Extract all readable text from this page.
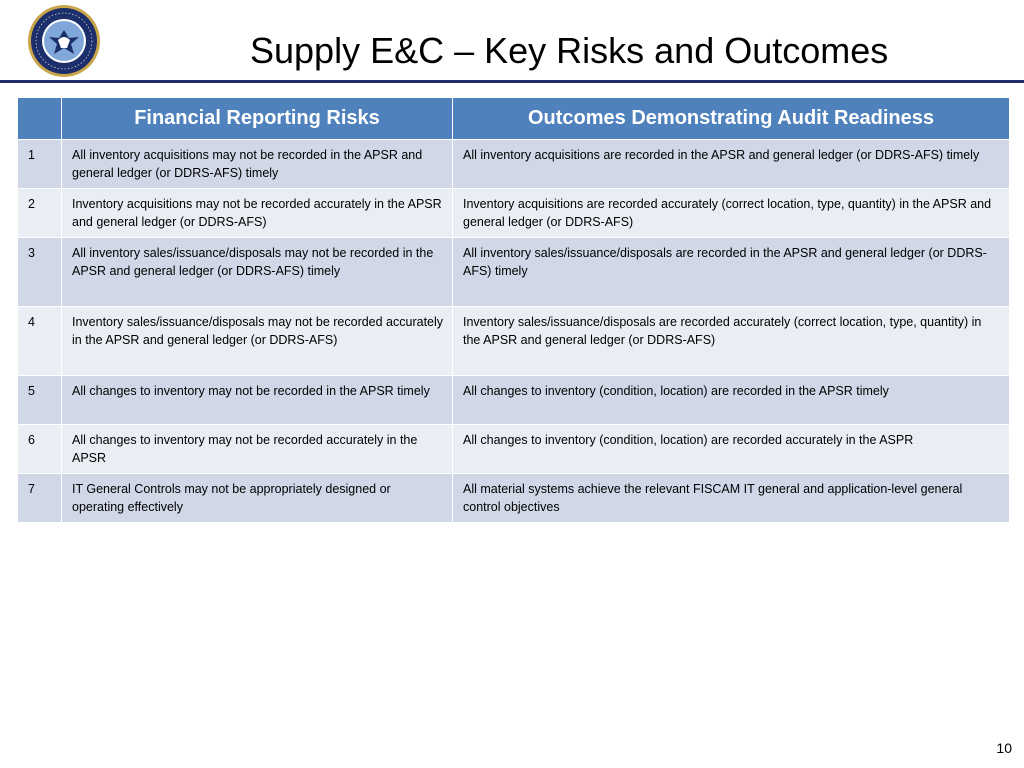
Supply E&C – Key Risks and Outcomes
	Financial Reporting Risks	Outcomes Demonstrating Audit Readiness
1	All inventory acquisitions may not be recorded in the APSR and general ledger (or DDRS-AFS) timely	All inventory acquisitions are recorded in the APSR and general ledger (or DDRS-AFS) timely
2	Inventory acquisitions may not be recorded accurately in the APSR and general ledger (or DDRS-AFS)	Inventory acquisitions are recorded accurately (correct location, type, quantity) in the APSR and general ledger (or DDRS-AFS)
3	All inventory sales/issuance/disposals may not be recorded in the APSR and general ledger (or DDRS-AFS) timely	All inventory sales/issuance/disposals are recorded in the APSR and general ledger (or DDRS-AFS) timely
4	Inventory sales/issuance/disposals may not be recorded accurately in the APSR and general ledger (or DDRS-AFS)	Inventory sales/issuance/disposals are recorded accurately (correct location, type, quantity) in the APSR and general ledger (or DDRS-AFS)
5	All changes to inventory may not be recorded in the APSR timely	All changes to inventory (condition, location) are recorded in the APSR timely
6	All changes to inventory may not be recorded accurately in the APSR	All changes to inventory (condition, location) are recorded accurately in the ASPR
7	IT General Controls may not be appropriately designed or operating effectively	All material systems achieve the relevant FISCAM IT general and application-level general control objectives
10
